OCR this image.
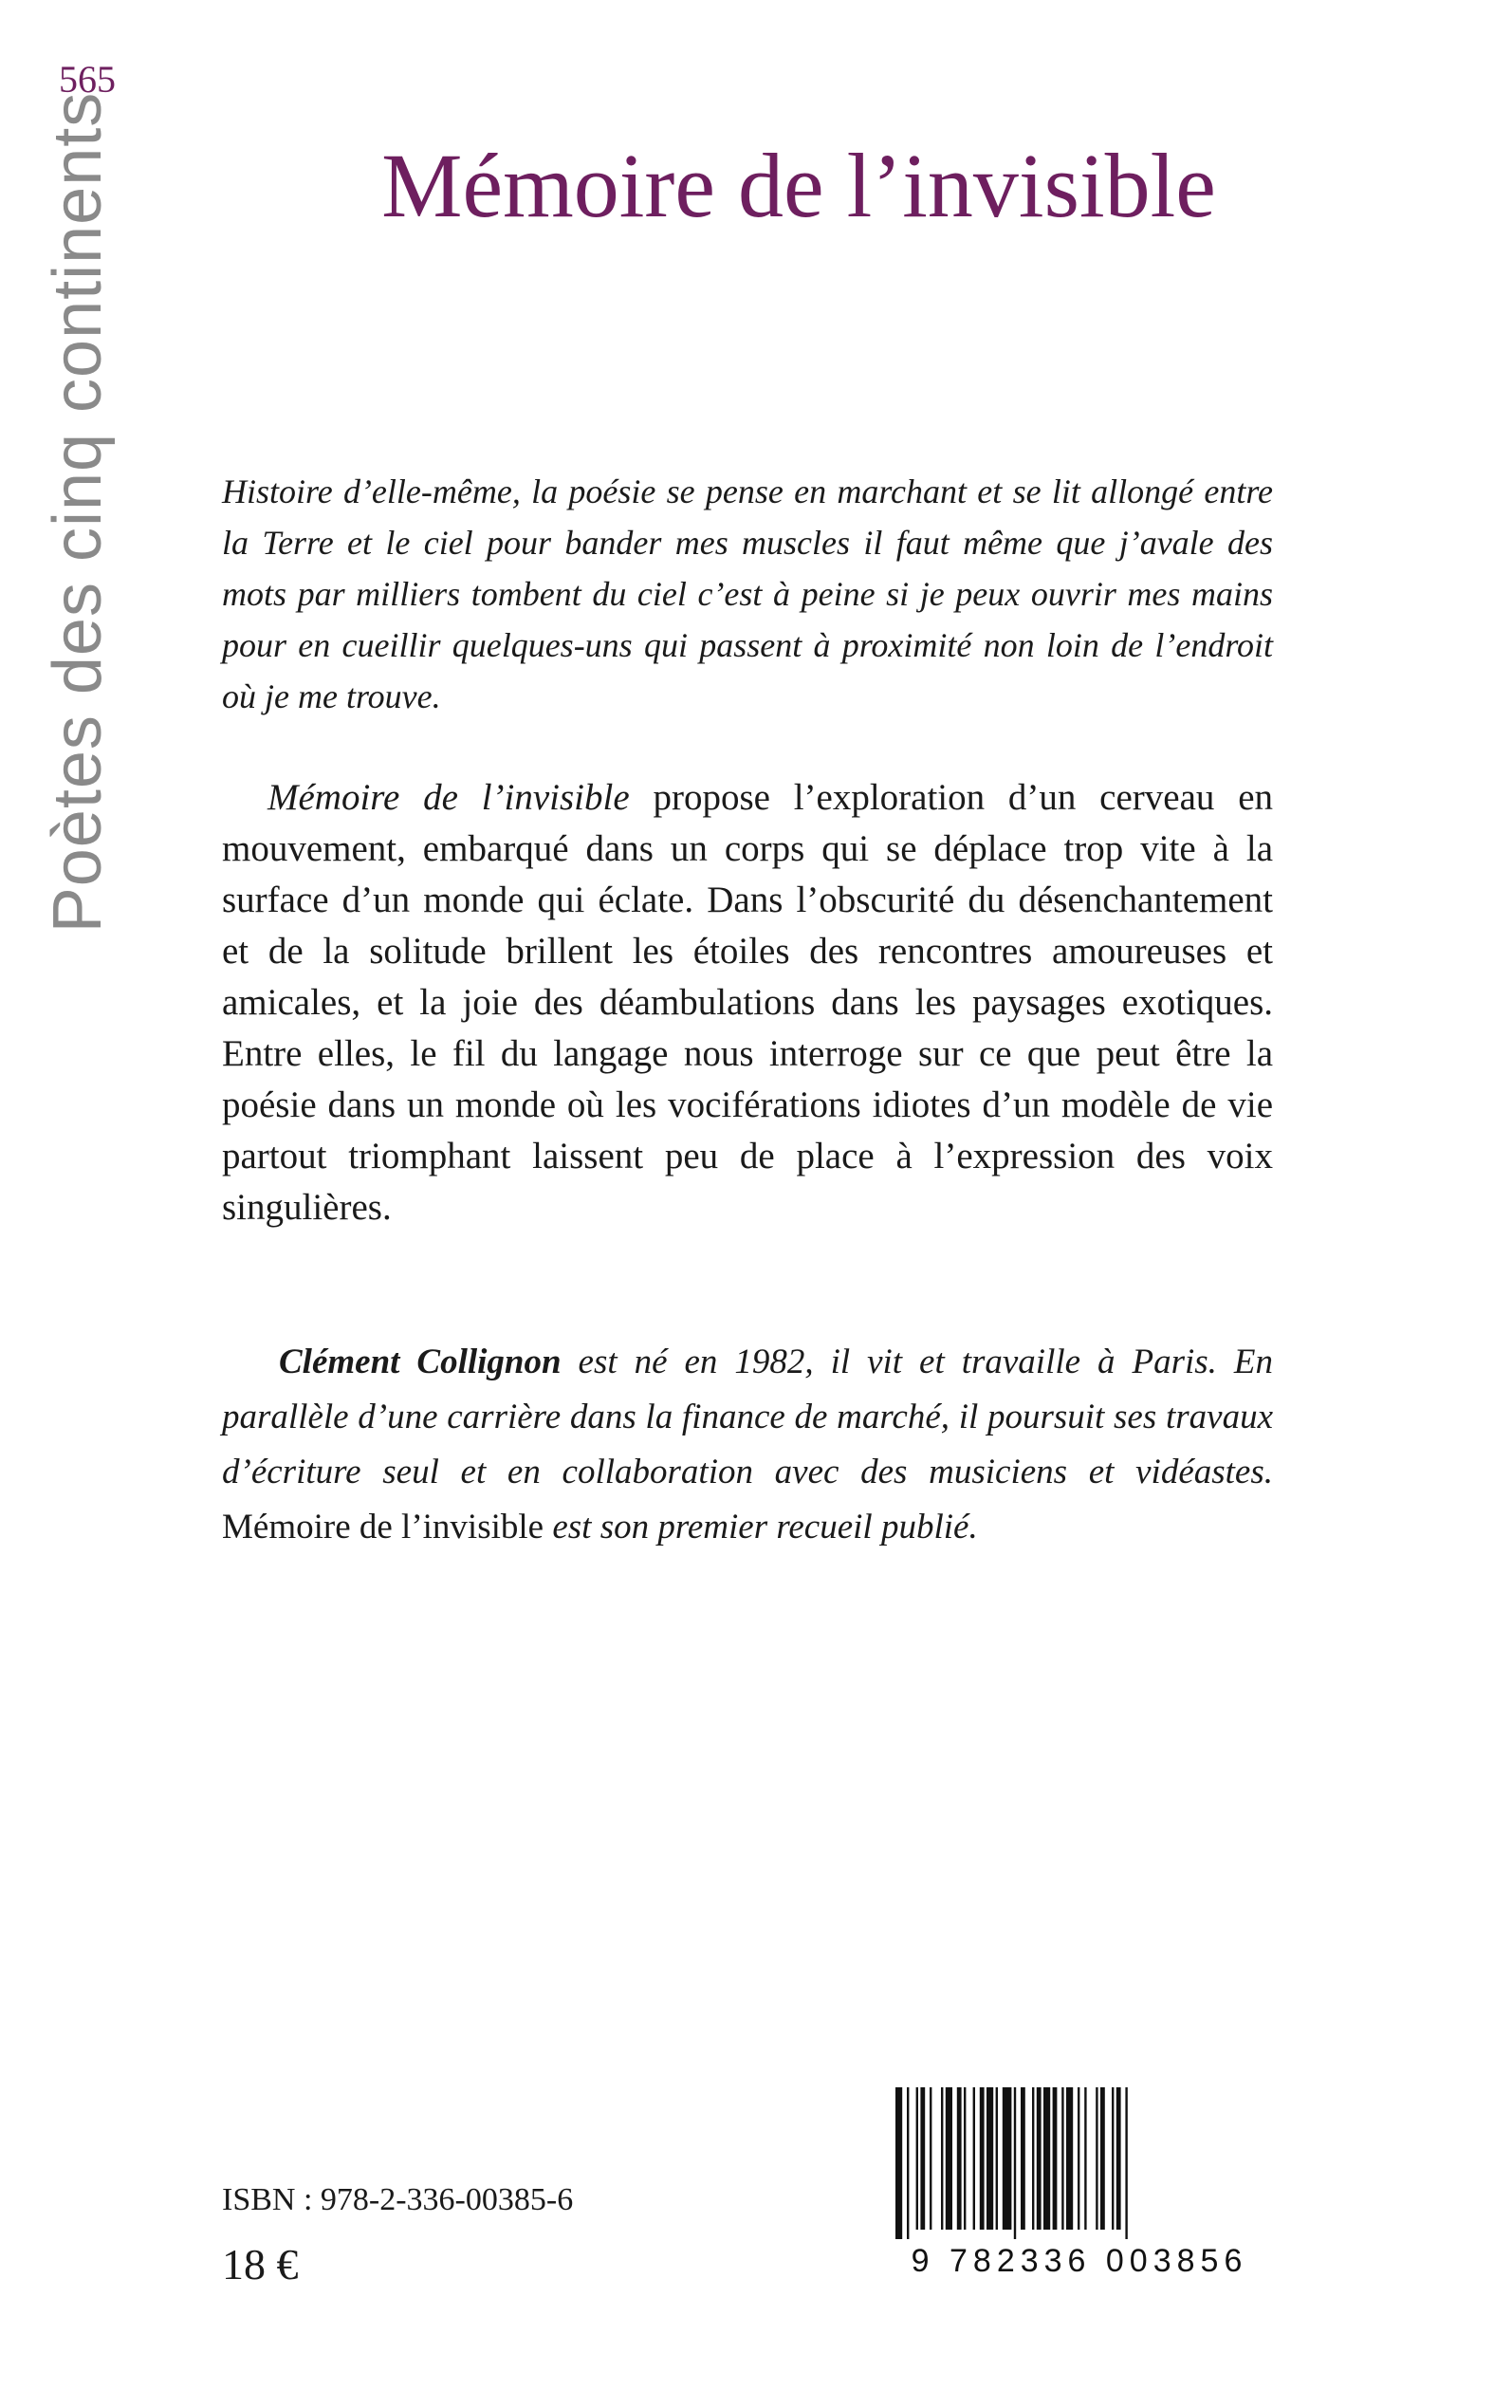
565
Poètes des cinq continents	Mémoire de l’invisible

Histoire d’elle-même, la poésie se pense en marchant et se lit allongé entre la Terre et le ciel pour bander mes muscles il faut même que j’avale des mots par milliers tombent du ciel c’est à peine si je peux ouvrir mes mains pour en cueillir quelques-uns qui passent à proximité non loin de l’endroit où je me trouve.

Mémoire de l’invisible propose l’exploration d’un cerveau en mouvement, embarqué dans un corps qui se déplace trop vite à la surface d’un monde qui éclate. Dans l’obscurité du désenchantement et de la solitude brillent les étoiles des rencontres amoureuses et amicales, et la joie des déambulations dans les paysages exotiques. Entre elles, le fil du langage nous interroge sur ce que peut être la poésie dans un monde où les vociférations idiotes d’un modèle de vie partout triomphant laissent peu de place à l’expression des voix singulières.

Clément Collignon est né en 1982, il vit et travaille à Paris. En parallèle d’une carrière dans la finance de marché, il poursuit ses travaux d’écriture seul et en collaboration avec des musiciens et vidéastes. Mémoire de l’invisible est son premier recueil publié.

ISBN : 978-2-336-00385-6
18 €	9 782336 003856
